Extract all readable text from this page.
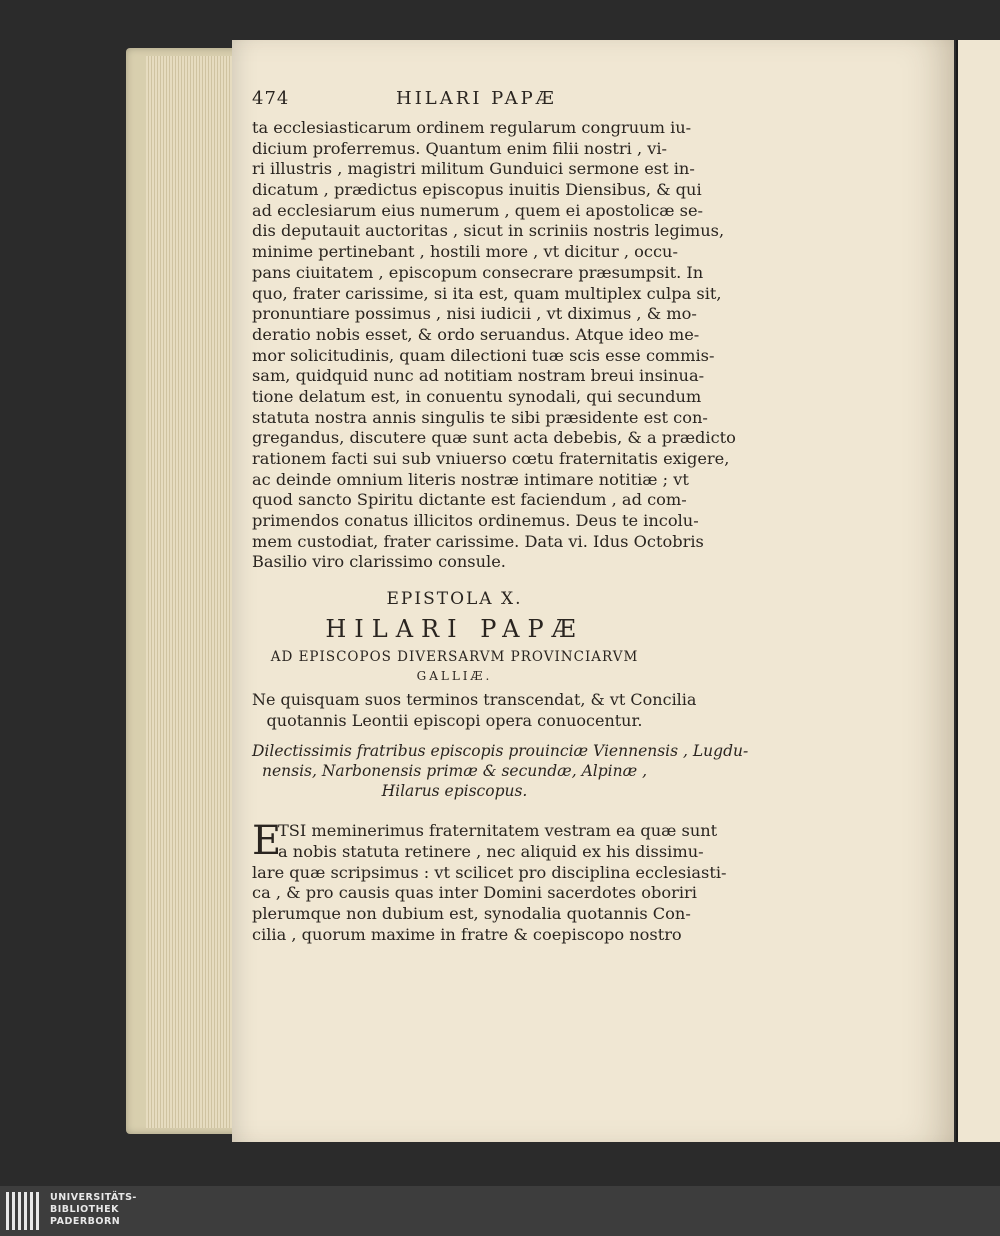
474	HILARI PAPÆ

ta ecclesiasticarum ordinem regularum congruum iu-

dicium proferremus. Quantum enim filii nostri , vi-

ri illustris , magistri militum Gunduici sermone est in-

dicatum , prædictus episcopus inuitis Diensibus, & qui

ad ecclesiarum eius numerum , quem ei apostolicæ se-

dis deputauit auctoritas , sicut in scriniis nostris legimus,

minime pertinebant , hostili more , vt dicitur , occu-

pans ciuitatem , episcopum consecrare præsumpsit. In

quo, frater carissime, si ita est, quam multiplex culpa sit,

pronuntiare possimus , nisi iudicii , vt diximus , & mo-

deratio nobis esset, & ordo seruandus. Atque ideo me-

mor solicitudinis, quam dilectioni tuæ scis esse commis-

sam, quidquid nunc ad notitiam nostram breui insinua-

tione delatum est, in conuentu synodali, qui secundum

statuta nostra annis singulis te sibi præsidente est con-

gregandus, discutere quæ sunt acta debebis, & a prædicto

rationem facti sui sub vniuerso cœtu fraternitatis exigere,

ac deinde omnium literis nostræ intimare notitiæ ; vt

quod sancto Spiritu dictante est faciendum , ad com-

primendos conatus illicitos ordinemus. Deus te incolu-

mem custodiat, frater carissime. Data vi. Idus Octobris

Basilio viro clarissimo consule.

EPISTOLA X.
HILARI PAPÆ
AD EPISCOPOS DIVERSARVM PROVINCIARVM
GALLIÆ.
Ne quisquam suos terminos transcendat, & vt Concilia
quotannis Leontii episcopi opera conuocentur.
Dilectissimis fratribus episcopis prouinciæ Viennensis , Lugdu-
nensis, Narbonensis primæ & secundæ, Alpinæ ,
Hilarus episcopus.
E

TSI meminerimus fraternitatem vestram ea quæ sunt

a nobis statuta retinere , nec aliquid ex his dissimu-

lare quæ scripsimus : vt scilicet pro disciplina ecclesiasti-

ca , & pro causis quas inter Domini sacerdotes oboriri

plerumque non dubium est, synodalia quotannis Con-

cilia , quorum maxime in fratre & coepiscopo nostro

UNIVERSITÄTS-
BIBLIOTHEK
PADERBORN
